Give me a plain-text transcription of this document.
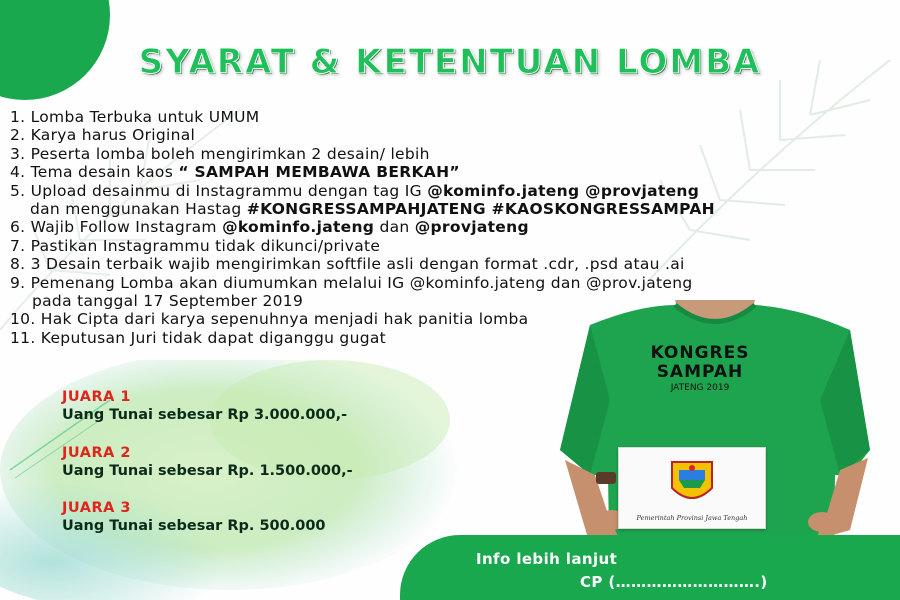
SYARAT & KETENTUAN LOMBA
1. Lomba Terbuka untuk UMUM
2. Karya harus Original
3. Peserta lomba boleh mengirimkan 2 desain/ lebih
4. Tema desain kaos “ SAMPAH MEMBAWA BERKAH”
5. Upload desainmu di Instagrammu dengan tag IG @kominfo.jateng @provjateng
dan menggunakan Hastag #KONGRESSAMPAHJATENG #KAOSKONGRESSAMPAH
6. Wajib Follow Instagram @kominfo.jateng dan @provjateng
7. Pastikan Instagrammu tidak dikunci/private
8. 3 Desain terbaik wajib mengirimkan softfile asli dengan format .cdr, .psd atau .ai
9. Pemenang Lomba akan diumumkan melalui IG @kominfo.jateng dan @prov.jateng
pada tanggal 17 September 2019
10. Hak Cipta dari karya sepenuhnya menjadi hak panitia lomba
11. Keputusan Juri tidak dapat diganggu gugat
JUARA 1
Uang Tunai sebesar Rp 3.000.000,-
JUARA 2
Uang Tunai sebesar Rp. 1.500.000,-
JUARA 3
Uang Tunai sebesar Rp. 500.000
KONGRES
SAMPAH
JATENG 2019
Pemerintah Provinsi Jawa Tengah
Info lebih lanjut
CP (……………………….)
